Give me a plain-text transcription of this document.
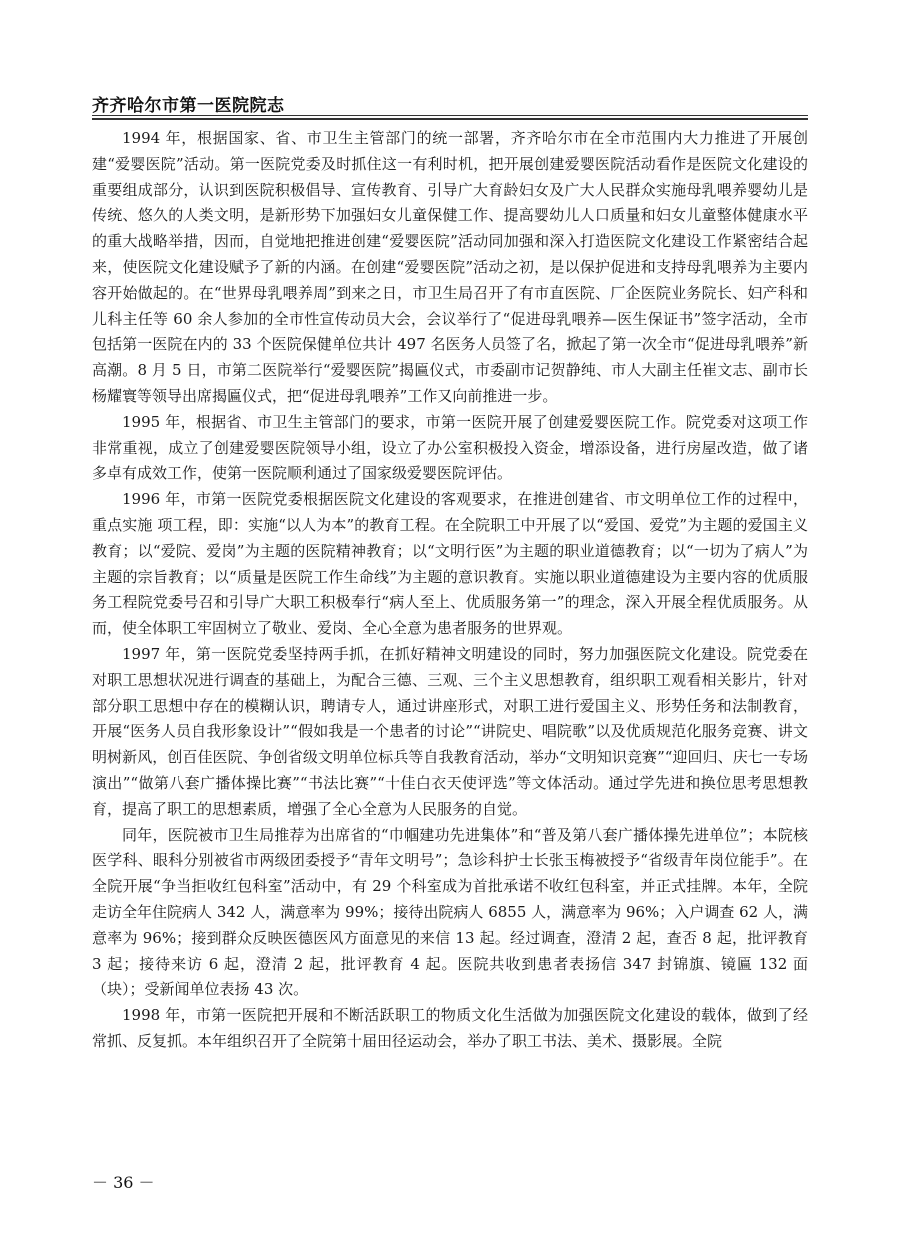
齐齐哈尔市第一医院院志

1994 年，根据国家、省、市卫生主管部门的统一部署，齐齐哈尔市在全市范围内大力推进了开展创建“爱婴医院”活动。第一医院党委及时抓住这一有利时机，把开展创建爱婴医院活动看作是医院文化建设的重要组成部分，认识到医院积极倡导、宣传教育、引导广大育龄妇女及广大人民群众实施母乳喂养婴幼儿是传统、悠久的人类文明，是新形势下加强妇女儿童保健工作、提高婴幼儿人口质量和妇女儿童整体健康水平的重大战略举措，因而，自觉地把推进创建“爱婴医院”活动同加强和深入打造医院文化建设工作紧密结合起来，使医院文化建设赋予了新的内涵。在创建“爱婴医院”活动之初，是以保护促进和支持母乳喂养为主要内容开始做起的。在“世界母乳喂养周”到来之日，市卫生局召开了有市直医院、厂企医院业务院长、妇产科和儿科主任等 60 余人参加的全市性宣传动员大会，会议举行了“促进母乳喂养—医生保证书”签字活动，全市包括第一医院在内的 33 个医院保健单位共计 497 名医务人员签了名，掀起了第一次全市“促进母乳喂养”新高潮。8 月 5 日，市第二医院举行“爱婴医院”揭匾仪式，市委副市记贺静纯、市人大副主任崔文志、副市长杨耀寰等领导出席揭匾仪式，把“促进母乳喂养”工作又向前推进一步。

1995 年，根据省、市卫生主管部门的要求，市第一医院开展了创建爱婴医院工作。院党委对这项工作非常重视，成立了创建爱婴医院领导小组，设立了办公室积极投入资金，增添设备，进行房屋改造，做了诸多卓有成效工作，使第一医院顺利通过了国家级爱婴医院评估。

1996 年，市第一医院党委根据医院文化建设的客观要求，在推进创建省、市文明单位工作的过程中，重点实施 项工程，即：实施“以人为本”的教育工程。在全院职工中开展了以“爱国、爱党”为主题的爱国主义教育；以“爱院、爱岗”为主题的医院精神教育；以“文明行医”为主题的职业道德教育；以“一切为了病人”为主题的宗旨教育；以“质量是医院工作生命线”为主题的意识教育。实施以职业道德建设为主要内容的优质服务工程院党委号召和引导广大职工积极奉行“病人至上、优质服务第一”的理念，深入开展全程优质服务。从而，使全体职工牢固树立了敬业、爱岗、全心全意为患者服务的世界观。

1997 年，第一医院党委坚持两手抓，在抓好精神文明建设的同时，努力加强医院文化建设。院党委在对职工思想状况进行调查的基础上，为配合三德、三观、三个主义思想教育，组织职工观看相关影片，针对部分职工思想中存在的模糊认识，聘请专人，通过讲座形式，对职工进行爱国主义、形势任务和法制教育，开展“医务人员自我形象设计”“假如我是一个患者的讨论”“讲院史、唱院歌”以及优质规范化服务竞赛、讲文明树新风，创百佳医院、争创省级文明单位标兵等自我教育活动，举办“文明知识竞赛”“迎回归、庆七一专场演出”“做第八套广播体操比赛”“书法比赛”“十佳白衣天使评选”等文体活动。通过学先进和换位思考思想教育，提高了职工的思想素质，增强了全心全意为人民服务的自觉。

同年，医院被市卫生局推荐为出席省的“巾帼建功先进集体”和“普及第八套广播体操先进单位”；本院核医学科、眼科分别被省市两级团委授予“青年文明号”；急诊科护士长张玉梅被授予“省级青年岗位能手”。在全院开展“争当拒收红包科室”活动中，有 29 个科室成为首批承诺不收红包科室，并正式挂牌。本年，全院走访全年住院病人 342 人，满意率为 99%；接待出院病人 6855 人，满意率为 96%；入户调查 62 人，满意率为 96%；接到群众反映医德医风方面意见的来信 13 起。经过调查，澄清 2 起，查否 8 起，批评教育 3 起；接待来访 6 起，澄清 2 起，批评教育 4 起。医院共收到患者表扬信 347 封锦旗、镜匾 132 面（块）；受新闻单位表扬 43 次。

1998 年，市第一医院把开展和不断活跃职工的物质文化生活做为加强医院文化建设的载体，做到了经常抓、反复抓。本年组织召开了全院第十届田径运动会，举办了职工书法、美术、摄影展。全院

－ 36 －
